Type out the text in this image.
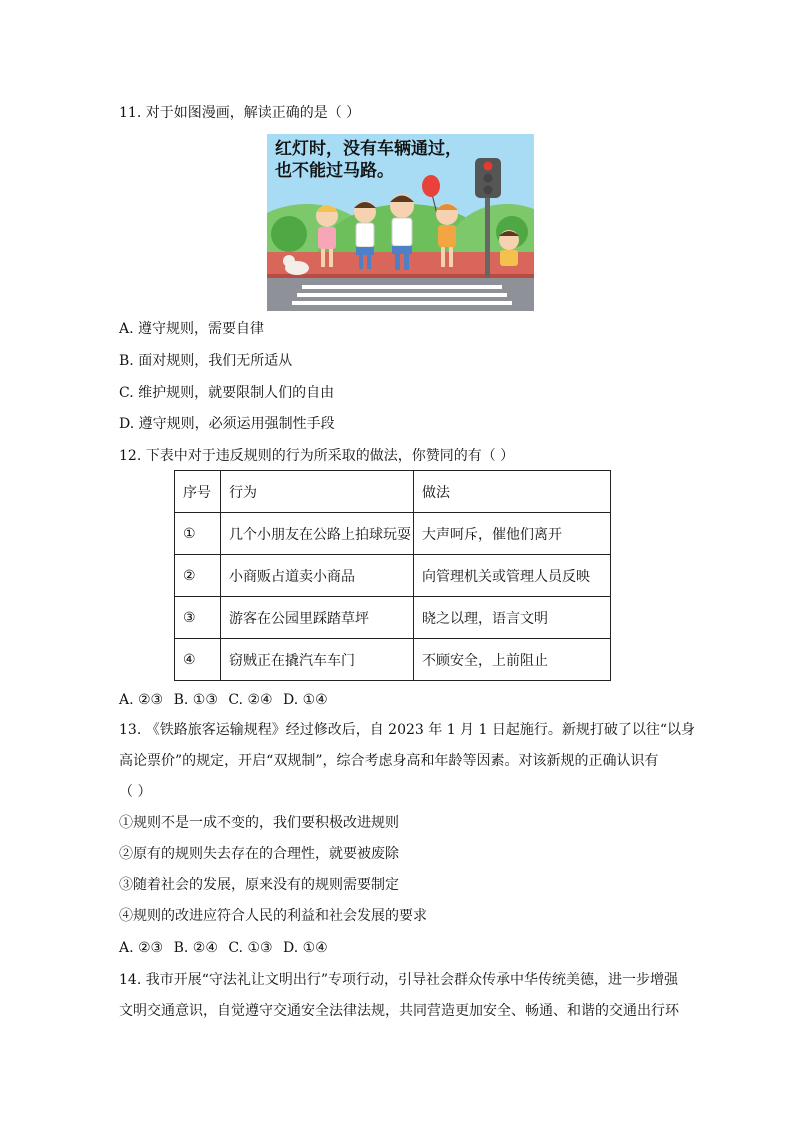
11. 对于如图漫画，解读正确的是（ ）
红灯时，没有车辆通过，
也不能过马路。
A. 遵守规则，需要自律
B. 面对规则，我们无所适从
C. 维护规则，就要限制人们的自由
D. 遵守规则，必须运用强制性手段
12. 下表中对于违反规则的行为所采取的做法，你赞同的有（ ）
序号	行为	做法
①	几个小朋友在公路上拍球玩耍	大声呵斥，催他们离开
②	小商贩占道卖小商品	向管理机关或管理人员反映
③	游客在公园里踩踏草坪	晓之以理，语言文明
④	窃贼正在撬汽车车门	不顾安全，上前阻止
A. ②③ B. ①③ C. ②④ D. ①④
13. 《铁路旅客运输规程》经过修改后，自 2023 年 1 月 1 日起施行。新规打破了以往“以身
高论票价”的规定，开启“双规制”，综合考虑身高和年龄等因素。对该新规的正确认识有
（ ）
①规则不是一成不变的，我们要积极改进规则
②原有的规则失去存在的合理性，就要被废除
③随着社会的发展，原来没有的规则需要制定
④规则的改进应符合人民的利益和社会发展的要求
A. ②③ B. ②④ C. ①③ D. ①④
14. 我市开展“守法礼让文明出行”专项行动，引导社会群众传承中华传统美德，进一步增强
文明交通意识，自觉遵守交通安全法律法规，共同营造更加安全、畅通、和谐的交通出行环
